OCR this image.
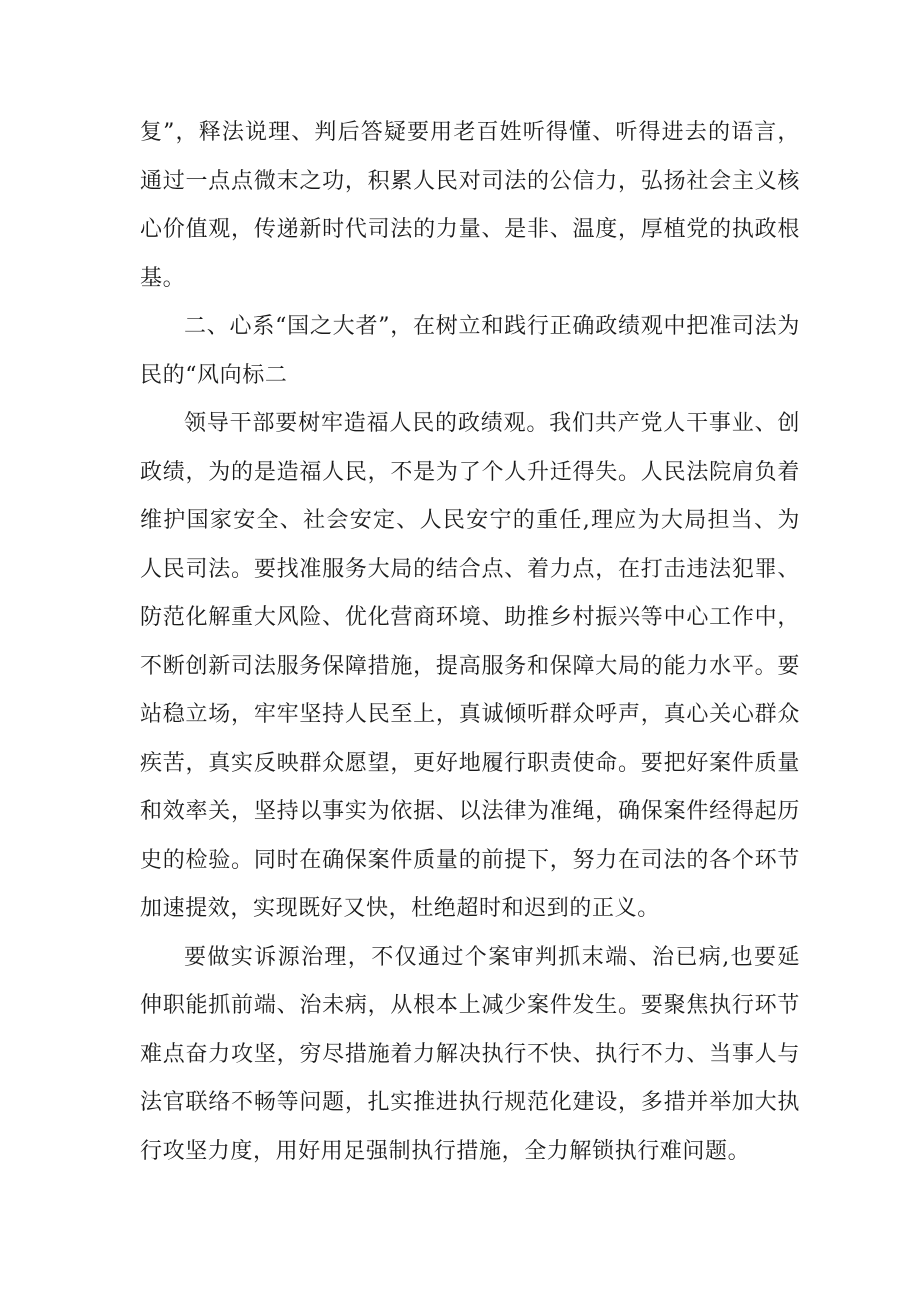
复”，释法说理、判后答疑要用老百姓听得懂、听得进去的语言，通过一点点微末之功，积累人民对司法的公信力，弘扬社会主义核心价值观，传递新时代司法的力量、是非、温度，厚植党的执政根基。

二、心系“国之大者”，在树立和践行正确政绩观中把准司法为民的“风向标二

领导干部要树牢造福人民的政绩观。我们共产党人干事业、创政绩，为的是造福人民，不是为了个人升迁得失。人民法院肩负着维护国家安全、社会安定、人民安宁的重任,理应为大局担当、为人民司法。要找准服务大局的结合点、着力点，在打击违法犯罪、防范化解重大风险、优化营商环境、助推乡村振兴等中心工作中，不断创新司法服务保障措施，提高服务和保障大局的能力水平。要站稳立场，牢牢坚持人民至上，真诚倾听群众呼声，真心关心群众疾苦，真实反映群众愿望，更好地履行职责使命。要把好案件质量和效率关，坚持以事实为依据、以法律为准绳，确保案件经得起历史的检验。同时在确保案件质量的前提下，努力在司法的各个环节加速提效，实现既好又快，杜绝超时和迟到的正义。

要做实诉源治理，不仅通过个案审判抓末端、治已病,也要延伸职能抓前端、治未病，从根本上减少案件发生。要聚焦执行环节难点奋力攻坚，穷尽措施着力解决执行不快、执行不力、当事人与法官联络不畅等问题，扎实推进执行规范化建设，多措并举加大执行攻坚力度，用好用足强制执行措施，全力解锁执行难问题。
